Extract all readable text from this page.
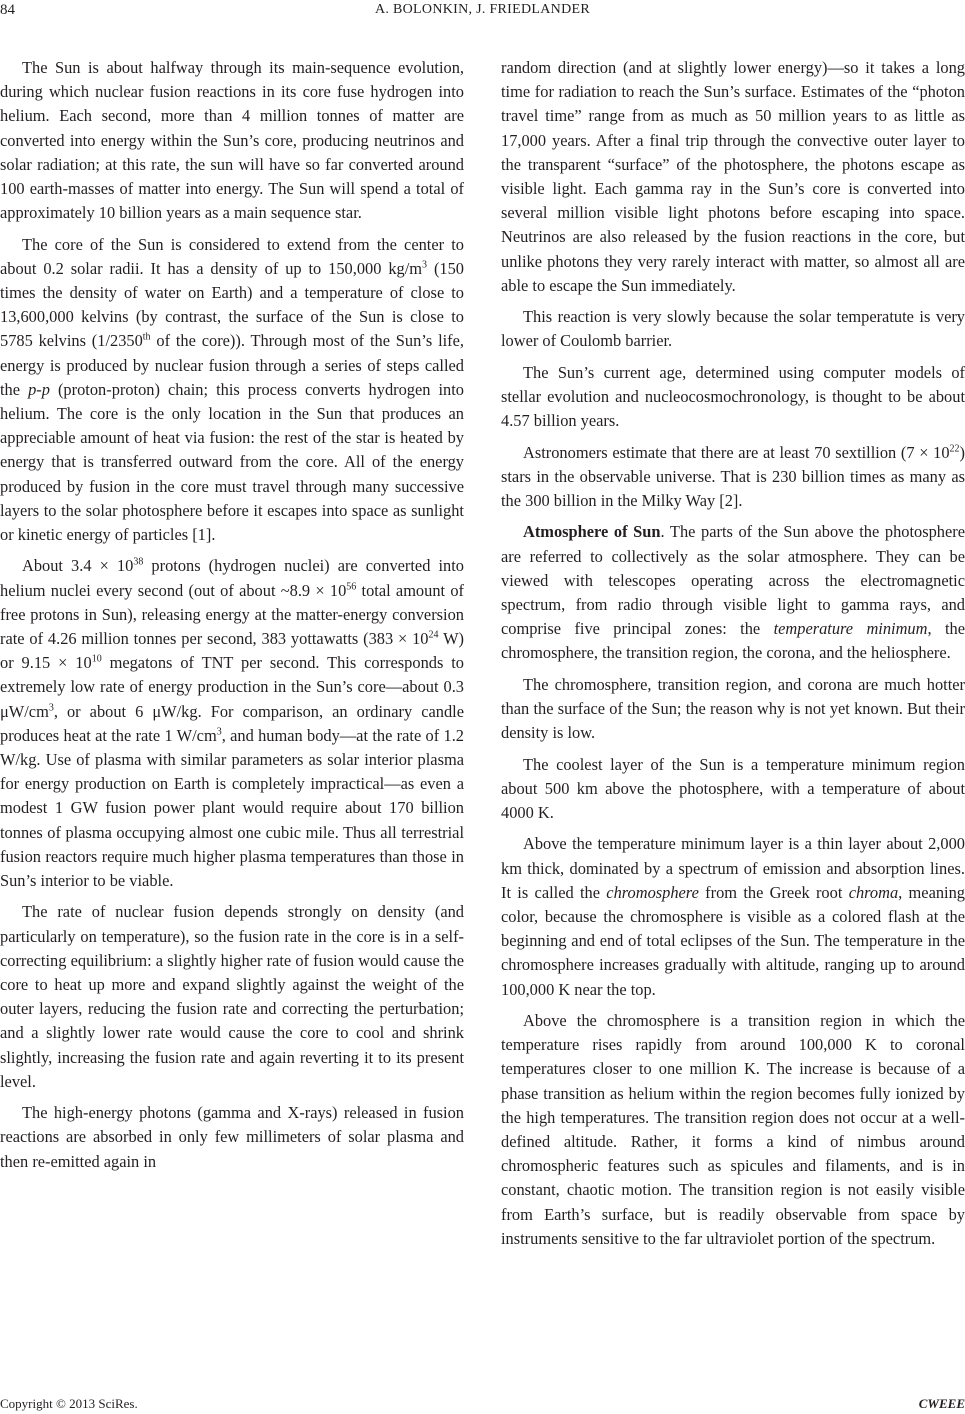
84	A. BOLONKIN, J. FRIEDLANDER

The Sun is about halfway through its main-sequence evolution, during which nuclear fusion reactions in its core fuse hydrogen into helium. Each second, more than 4 million tonnes of matter are converted into energy within the Sun’s core, producing neutrinos and solar radiation; at this rate, the sun will have so far converted around 100 earth-masses of matter into energy. The Sun will spend a total of approximately 10 billion years as a main sequence star.

The core of the Sun is considered to extend from the center to about 0.2 solar radii. It has a density of up to 150,000 $kg/m^3$ (150 times the density of water on Earth) and a temperature of close to 13,600,000 kelvins (by contrast, the surface of the Sun is close to 5785 kelvins (1/2350th of the core)). Through most of the Sun’s life, energy is produced by nuclear fusion through a series of steps called the p-p (proton-proton) chain; this process converts hydrogen into helium. The core is the only location in the Sun that produces an appreciable amount of heat via fusion: the rest of the star is heated by energy that is transferred outward from the core. All of the energy produced by fusion in the core must travel through many successive layers to the solar photosphere before it escapes into space as sunlight or kinetic energy of particles [1].

About $3.4 \times 10^{38}$ protons (hydrogen nuclei) are converted into helium nuclei every second (out of about ~8.9 × $10^{56}$ total amount of free protons in Sun), releasing energy at the matter-energy conversion rate of 4.26 million tonnes per second, 383 yottawatts ($383 \times 10^{24}$ W) or $9.15 \times 10^{10}$ megatons of TNT per second. This corresponds to extremely low rate of energy production in the Sun’s core—about 0.3 $\mu W/cm^3$, or about 6 μW/kg. For comparison, an ordinary candle produces heat at the rate 1 $W/cm^3$, and human body—at the rate of 1.2 W/kg. Use of plasma with similar parameters as solar interior plasma for energy production on Earth is completely impractical—as even a modest 1 GW fusion power plant would require about 170 billion tonnes of plasma occupying almost one cubic mile. Thus all terrestrial fusion reactors require much higher plasma temperatures than those in Sun’s interior to be viable.

The rate of nuclear fusion depends strongly on density (and particularly on temperature), so the fusion rate in the core is in a self-correcting equilibrium: a slightly higher rate of fusion would cause the core to heat up more and expand slightly against the weight of the outer layers, reducing the fusion rate and correcting the perturbation; and a slightly lower rate would cause the core to cool and shrink slightly, increasing the fusion rate and again reverting it to its present level.

The high-energy photons (gamma and X-rays) released in fusion reactions are absorbed in only few millimeters of solar plasma and then re-emitted again in

random direction (and at slightly lower energy)—so it takes a long time for radiation to reach the Sun’s surface. Estimates of the “photon travel time” range from as much as 50 million years to as little as 17,000 years. After a final trip through the convective outer layer to the transparent “surface” of the photosphere, the photons escape as visible light. Each gamma ray in the Sun’s core is converted into several million visible light photons before escaping into space. Neutrinos are also released by the fusion reactions in the core, but unlike photons they very rarely interact with matter, so almost all are able to escape the Sun immediately.

This reaction is very slowly because the solar temperatute is very lower of Coulomb barrier.

The Sun’s current age, determined using computer models of stellar evolution and nucleocosmochronology, is thought to be about 4.57 billion years.

Astronomers estimate that there are at least 70 sextillion $(7 \times 10^{22})$ stars in the observable universe. That is 230 billion times as many as the 300 billion in the Milky Way [2].

Atmosphere of Sun. The parts of the Sun above the photosphere are referred to collectively as the solar atmosphere. They can be viewed with telescopes operating across the electromagnetic spectrum, from radio through visible light to gamma rays, and comprise five principal zones: the temperature minimum, the chromosphere, the transition region, the corona, and the heliosphere.

The chromosphere, transition region, and corona are much hotter than the surface of the Sun; the reason why is not yet known. But their density is low.

The coolest layer of the Sun is a temperature minimum region about 500 km above the photosphere, with a temperature of about 4000 K.

Above the temperature minimum layer is a thin layer about 2,000 km thick, dominated by a spectrum of emission and absorption lines. It is called the chromosphere from the Greek root chroma, meaning color, because the chromosphere is visible as a colored flash at the beginning and end of total eclipses of the Sun. The temperature in the chromosphere increases gradually with altitude, ranging up to around 100,000 K near the top.

Above the chromosphere is a transition region in which the temperature rises rapidly from around 100,000 K to coronal temperatures closer to one million K. The increase is because of a phase transition as helium within the region becomes fully ionized by the high temperatures. The transition region does not occur at a well-defined altitude. Rather, it forms a kind of nimbus around chromospheric features such as spicules and filaments, and is in constant, chaotic motion. The transition region is not easily visible from Earth’s surface, but is readily observable from space by instruments sensitive to the far ultraviolet portion of the spectrum.

Copyright © 2013 SciRes.	CWEEE
